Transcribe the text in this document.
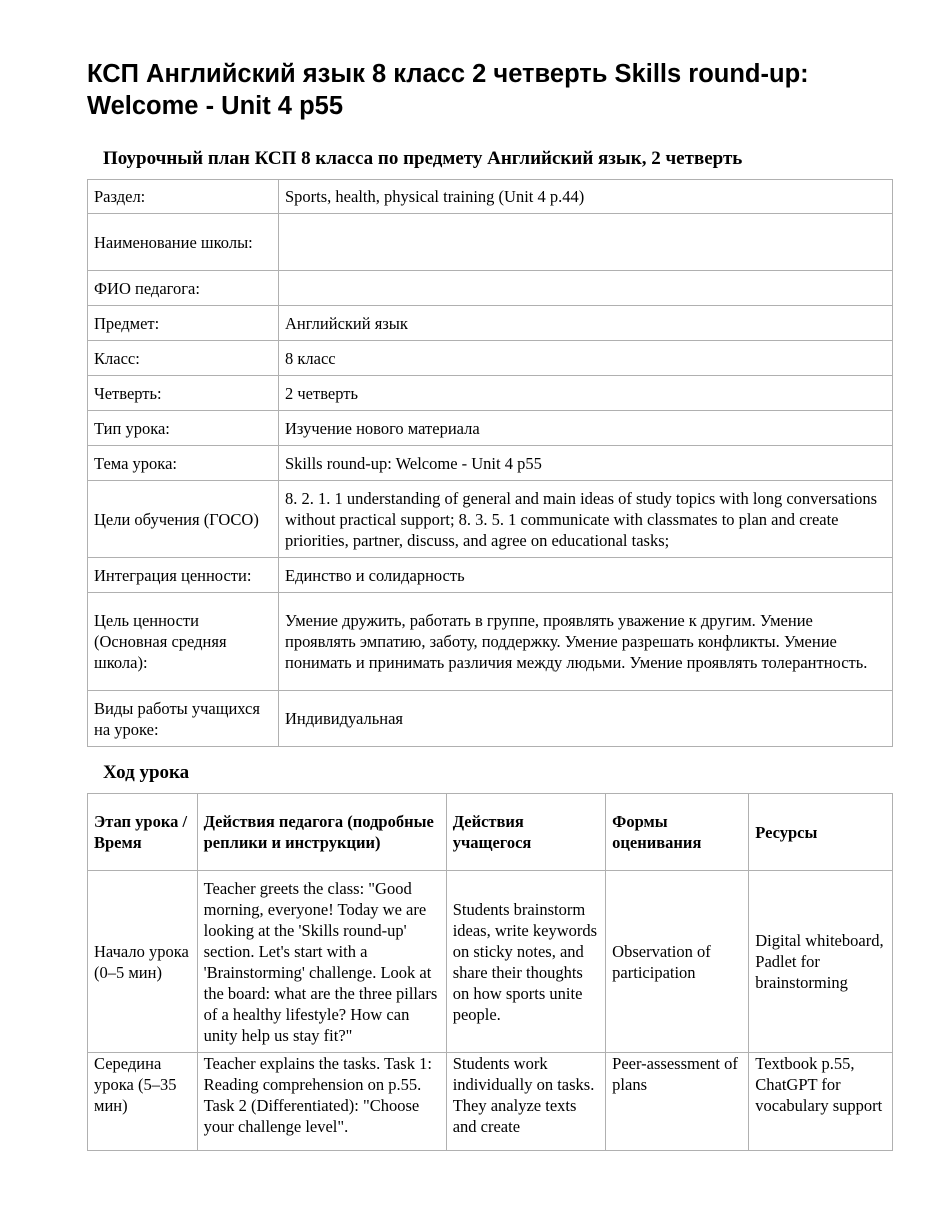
КСП Английский язык 8 класс 2 четверть Skills round-up: Welcome - Unit 4 p55
Поурочный план КСП 8 класса по предмету Английский язык, 2 четверть
Раздел:	Sports, health, physical training (Unit 4 p.44)
Наименование школы:	
ФИО педагога:	
Предмет:	Английский язык
Класс:	8 класс
Четверть:	2 четверть
Тип урока:	Изучение нового материала
Тема урока:	Skills round-up: Welcome - Unit 4 p55
Цели обучения (ГОСО)	8. 2. 1. 1 understanding of general and main ideas of study topics with long conversations without practical support; 8. 3. 5. 1 communicate with classmates to plan and create priorities, partner, discuss, and agree on educational tasks;
Интеграция ценности:	Единство и солидарность
Цель ценности (Основная средняя школа):	Умение дружить, работать в группе, проявлять уважение к другим. Умение проявлять эмпатию, заботу, поддержку. Умение разрешать конфликты. Умение понимать и принимать различия между людьми. Умение проявлять толерантность.
Виды работы учащихся на уроке:	Индивидуальная
Ход урока
Этап урока / Время	Действия педагога (подробные реплики и инструкции)	Действия учащегося	Формы оценивания	Ресурсы
Начало урока (0–5 мин)	Teacher greets the class: "Good morning, everyone! Today we are looking at the 'Skills round-up' section. Let's start with a 'Brainstorming' challenge. Look at the board: what are the three pillars of a healthy lifestyle? How can unity help us stay fit?"	Students brainstorm ideas, write keywords on sticky notes, and share their thoughts on how sports unite people.	Observation of participation	Digital whiteboard, Padlet for brainstorming
Середина урока (5–35 мин)	Teacher explains the tasks. Task 1: Reading comprehension on p.55. Task 2 (Differentiated): "Choose your challenge level".	Students work individually on tasks. They analyze texts and create	Peer-assessment of plans	Textbook p.55, ChatGPT for vocabulary support
